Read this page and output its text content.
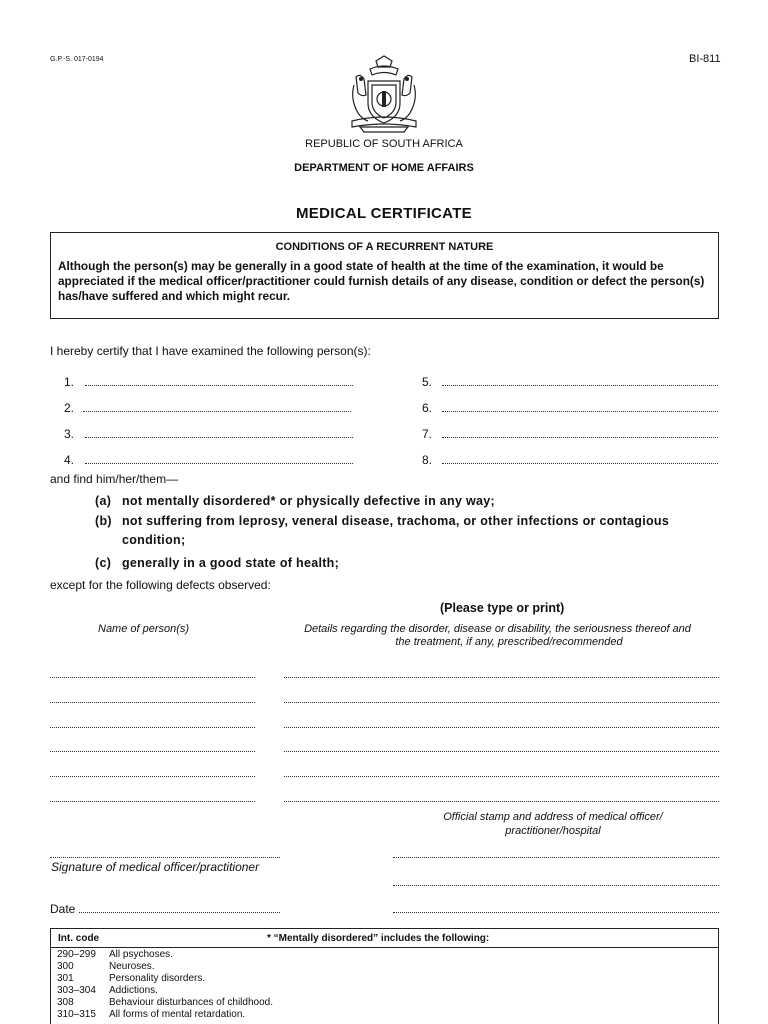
G.P.-S. 017-0194	BI-811
REPUBLIC OF SOUTH AFRICA
DEPARTMENT OF HOME AFFAIRS
MEDICAL CERTIFICATE
CONDITIONS OF A RECURRENT NATURE
Although the person(s) may be generally in a good state of health at the time of the examination, it would be appreciated if the medical officer/practitioner could furnish details of any disease, condition or defect the person(s) has/have suffered and which might recur.
I hereby certify that I have examined the following person(s):
1.
2.
3.
4.
5.
6.
7.
8.
and find him/her/them—
(a) not mentally disordered* or physically defective in any way;
(b) not suffering from leprosy, veneral disease, trachoma, or other infections or contagious
condition;
(c) generally in a good state of health;
except for the following defects observed:
(Please type or print)
Name of person(s)	Details regarding the disorder, disease or disability, the seriousness thereof and
the treatment, if any, prescribed/recommended
Official stamp and address of medical officer/
practitioner/hospital
Signature of medical officer/practitioner
Date
Int. code	* “Mentally disordered” includes the following:
290–299	All psychoses.
300	Neuroses.
301	Personality disorders.
303–304	Addictions.
308	Behaviour disturbances of childhood.
310–315	All forms of mental retardation.
